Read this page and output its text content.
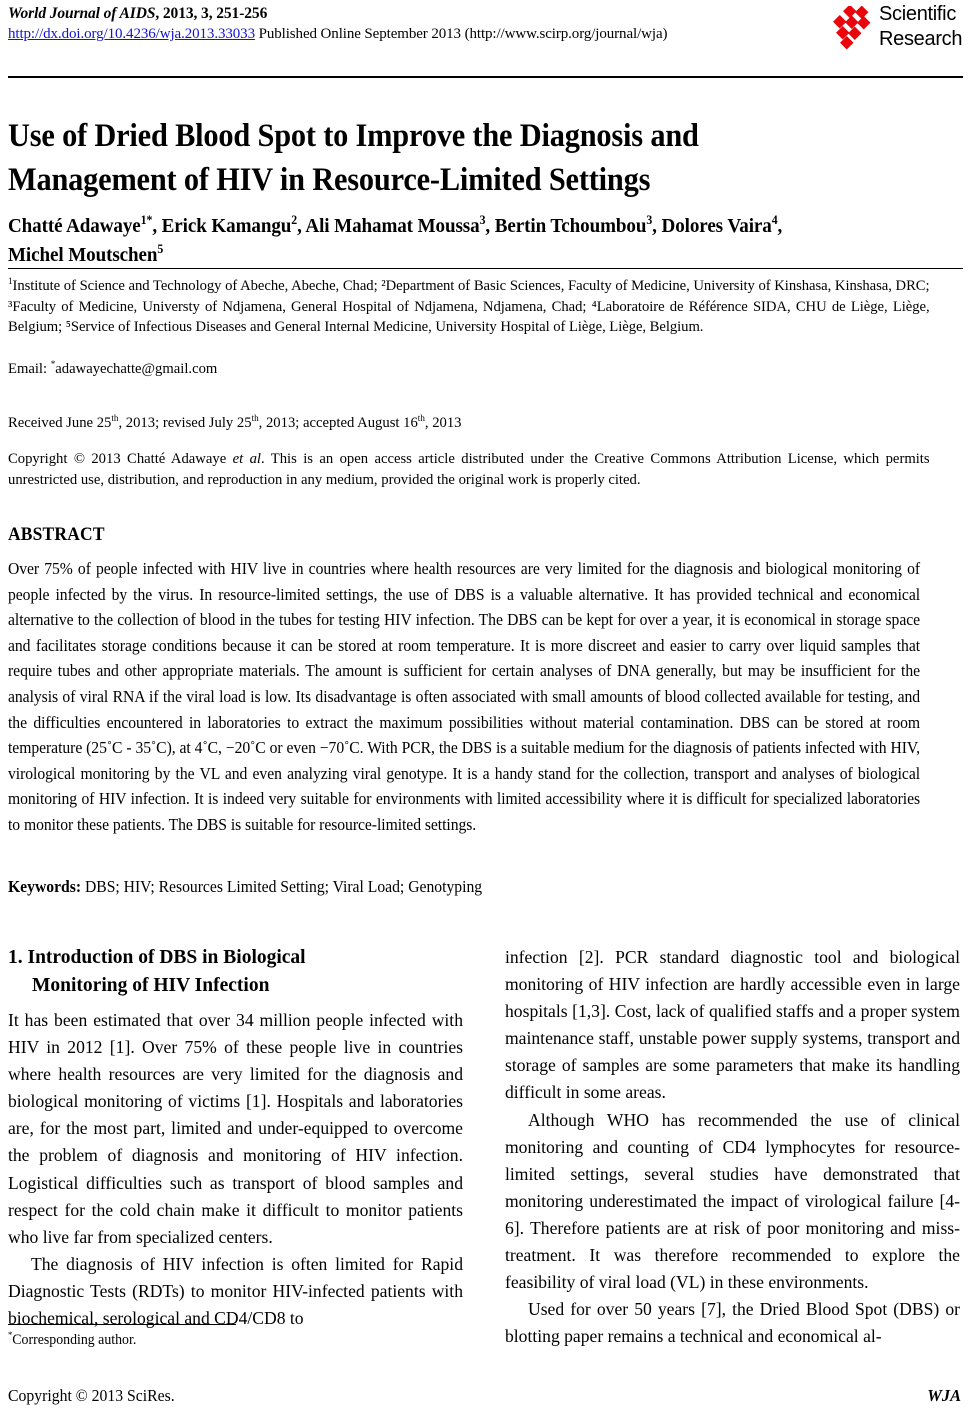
World Journal of AIDS, 2013, 3, 251-256
http://dx.doi.org/10.4236/wja.2013.33033 Published Online September 2013 (http://www.scirp.org/journal/wja)
Scientific
Research
Use of Dried Blood Spot to Improve the Diagnosis and Management of HIV in Resource-Limited Settings
Chatté Adawaye$^{1*}$, Erick Kamangu$^2$, Ali Mahamat Moussa$^3$, Bertin Tchoumbou$^3$, Dolores Vaira$^4$,
Michel Moutschen$^5$
$^1$Institute of Science and Technology of Abeche, Abeche, Chad; ²Department of Basic Sciences, Faculty of Medicine, University of Kinshasa, Kinshasa, DRC; ³Faculty of Medicine, Universty of Ndjamena, General Hospital of Ndjamena, Ndjamena, Chad; ⁴Laboratoire de Référence SIDA, CHU de Liège, Liège, Belgium; ⁵Service of Infectious Diseases and General Internal Medicine, University Hospital of Liège, Liège, Belgium.
Email: *adawayechatte@gmail.com
Received June 25th, 2013; revised July 25th, 2013; accepted August 16th, 2013
Copyright © 2013 Chatté Adawaye et al. This is an open access article distributed under the Creative Commons Attribution License, which permits unrestricted use, distribution, and reproduction in any medium, provided the original work is properly cited.
ABSTRACT
Over 75% of people infected with HIV live in countries where health resources are very limited for the diagnosis and biological monitoring of people infected by the virus. In resource-limited settings, the use of DBS is a valuable alternative. It has provided technical and economical alternative to the collection of blood in the tubes for testing HIV infection. The DBS can be kept for over a year, it is economical in storage space and facilitates storage conditions because it can be stored at room temperature. It is more discreet and easier to carry over liquid samples that require tubes and other appropriate materials. The amount is sufficient for certain analyses of DNA generally, but may be insufficient for the analysis of viral RNA if the viral load is low. Its disadvantage is often associated with small amounts of blood collected available for testing, and the difficulties encountered in laboratories to extract the maximum possibilities without material contamination. DBS can be stored at room temperature (25˚C - 35˚C), at 4˚C, −20˚C or even −70˚C. With PCR, the DBS is a suitable medium for the diagnosis of patients infected with HIV, virological monitoring by the VL and even analyzing viral genotype. It is a handy stand for the collection, transport and analyses of biological monitoring of HIV infection. It is indeed very suitable for environments with limited accessibility where it is difficult for specialized laboratories to monitor these patients. The DBS is suitable for resource-limited settings.
Keywords: DBS; HIV; Resources Limited Setting; Viral Load; Genotyping
1. Introduction of DBS in Biological
Monitoring of HIV Infection

It has been estimated that over 34 million people infected with HIV in 2012 [1]. Over 75% of these people live in countries where health resources are very limited for the diagnosis and biological monitoring of victims [1]. Hospitals and laboratories are, for the most part, limited and under-equipped to overcome the problem of diagnosis and monitoring of HIV infection. Logistical difficulties such as transport of blood samples and respect for the cold chain make it difficult to monitor patients who live far from specialized centers.

The diagnosis of HIV infection is often limited for Rapid Diagnostic Tests (RDTs) to monitor HIV-infected patients with biochemical, serological and CD4/CD8 to

infection [2]. PCR standard diagnostic tool and biological monitoring of HIV infection are hardly accessible even in large hospitals [1,3]. Cost, lack of qualified staffs and a proper system maintenance staff, unstable power supply systems, transport and storage of samples are some parameters that make its handling difficult in some areas.

Although WHO has recommended the use of clinical monitoring and counting of CD4 lymphocytes for resource-limited settings, several studies have demonstrated that monitoring underestimated the impact of virological failure [4-6]. Therefore patients are at risk of poor monitoring and miss-treatment. It was therefore recommended to explore the feasibility of viral load (VL) in these environments.

Used for over 50 years [7], the Dried Blood Spot (DBS) or blotting paper remains a technical and economical al-

*Corresponding author.
Copyright © 2013 SciRes.	WJA
